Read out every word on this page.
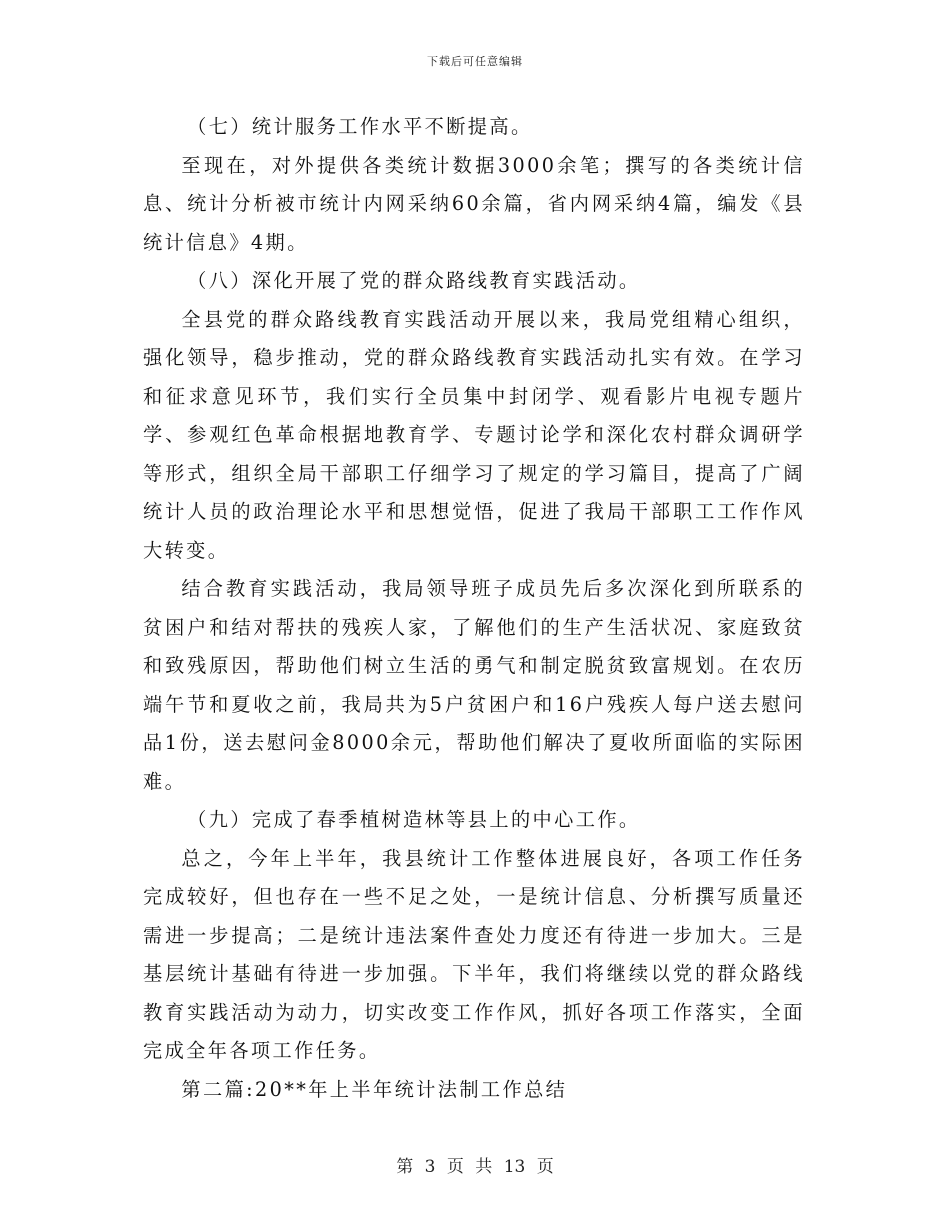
下载后可任意编辑

（七）统计服务工作水平不断提高。

至现在，对外提供各类统计数据3000余笔；撰写的各类统计信息、统计分析被市统计内网采纳60余篇，省内网采纳4篇，编发《县统计信息》4期。

（八）深化开展了党的群众路线教育实践活动。

全县党的群众路线教育实践活动开展以来，我局党组精心组织，强化领导，稳步推动，党的群众路线教育实践活动扎实有效。在学习和征求意见环节，我们实行全员集中封闭学、观看影片电视专题片学、参观红色革命根据地教育学、专题讨论学和深化农村群众调研学等形式，组织全局干部职工仔细学习了规定的学习篇目，提高了广阔统计人员的政治理论水平和思想觉悟，促进了我局干部职工工作作风大转变。

结合教育实践活动，我局领导班子成员先后多次深化到所联系的贫困户和结对帮扶的残疾人家，了解他们的生产生活状况、家庭致贫和致残原因，帮助他们树立生活的勇气和制定脱贫致富规划。在农历端午节和夏收之前，我局共为5户贫困户和16户残疾人每户送去慰问品1份，送去慰问金8000余元，帮助他们解决了夏收所面临的实际困难。

（九）完成了春季植树造林等县上的中心工作。

总之，今年上半年，我县统计工作整体进展良好，各项工作任务完成较好，但也存在一些不足之处，一是统计信息、分析撰写质量还需进一步提高；二是统计违法案件查处力度还有待进一步加大。三是基层统计基础有待进一步加强。下半年，我们将继续以党的群众路线教育实践活动为动力，切实改变工作作风，抓好各项工作落实，全面完成全年各项工作任务。

第二篇:20**年上半年统计法制工作总结

第 3 页 共 13 页
